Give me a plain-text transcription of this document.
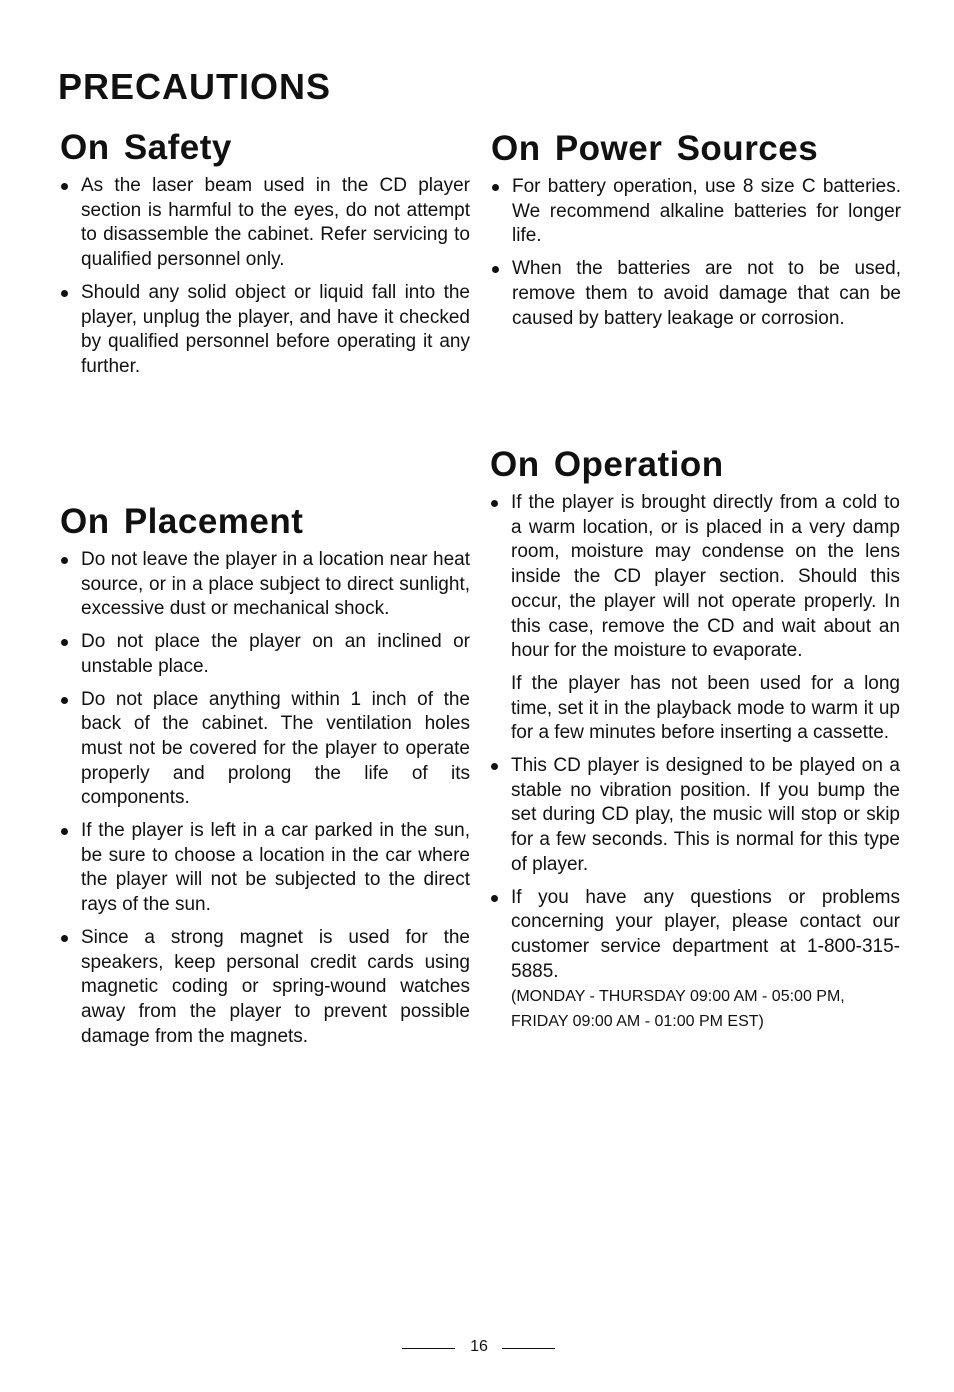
PRECAUTIONS
On Safety
As the laser beam used in the CD player section is harmful to the eyes, do not attempt to disassemble the cabinet. Refer servicing to qualified personnel only.
Should any solid object or liquid fall into the player, unplug the player, and have it checked by qualified personnel before operating it any further.
On Placement
Do not leave the player in a location near heat source, or in a place subject to direct sunlight, excessive dust or mechanical shock.
Do not place the player on an inclined or unstable place.
Do not place anything within 1 inch of the back of the cabinet. The ventilation holes must not be covered for the player to operate properly and prolong the life of its components.
If the player is left in a car parked in the sun, be sure to choose a location in the car where the player will not be subjected to the direct rays of the sun.
Since a strong magnet is used for the speakers, keep personal credit cards using magnetic coding or spring-wound watches away from the player to prevent possible damage from the magnets.
On Power Sources
For battery operation, use 8 size C batteries. We recommend alkaline batteries for longer life.
When the batteries are not to be used, remove them to avoid damage that can be caused by battery leakage or corrosion.
On Operation
If the player is brought directly from a cold to a warm location, or is placed in a very damp room, moisture may condense on the lens inside the CD player section. Should this occur, the player will not operate properly. In this case, remove the CD and wait about an hour for the moisture to evaporate.
If the player has not been used for a long time, set it in the playback mode to warm it up for a few minutes before inserting a cassette.
This CD player is designed to be played on a stable no vibration position. If you bump the set during CD play, the music will stop or skip for a few seconds. This is normal for this type of player.
If you have any questions or problems concerning your player, please contact our customer service department at 1-800-315-5885.
(MONDAY - THURSDAY 09:00 AM - 05:00 PM, FRIDAY 09:00 AM - 01:00 PM EST)
16
